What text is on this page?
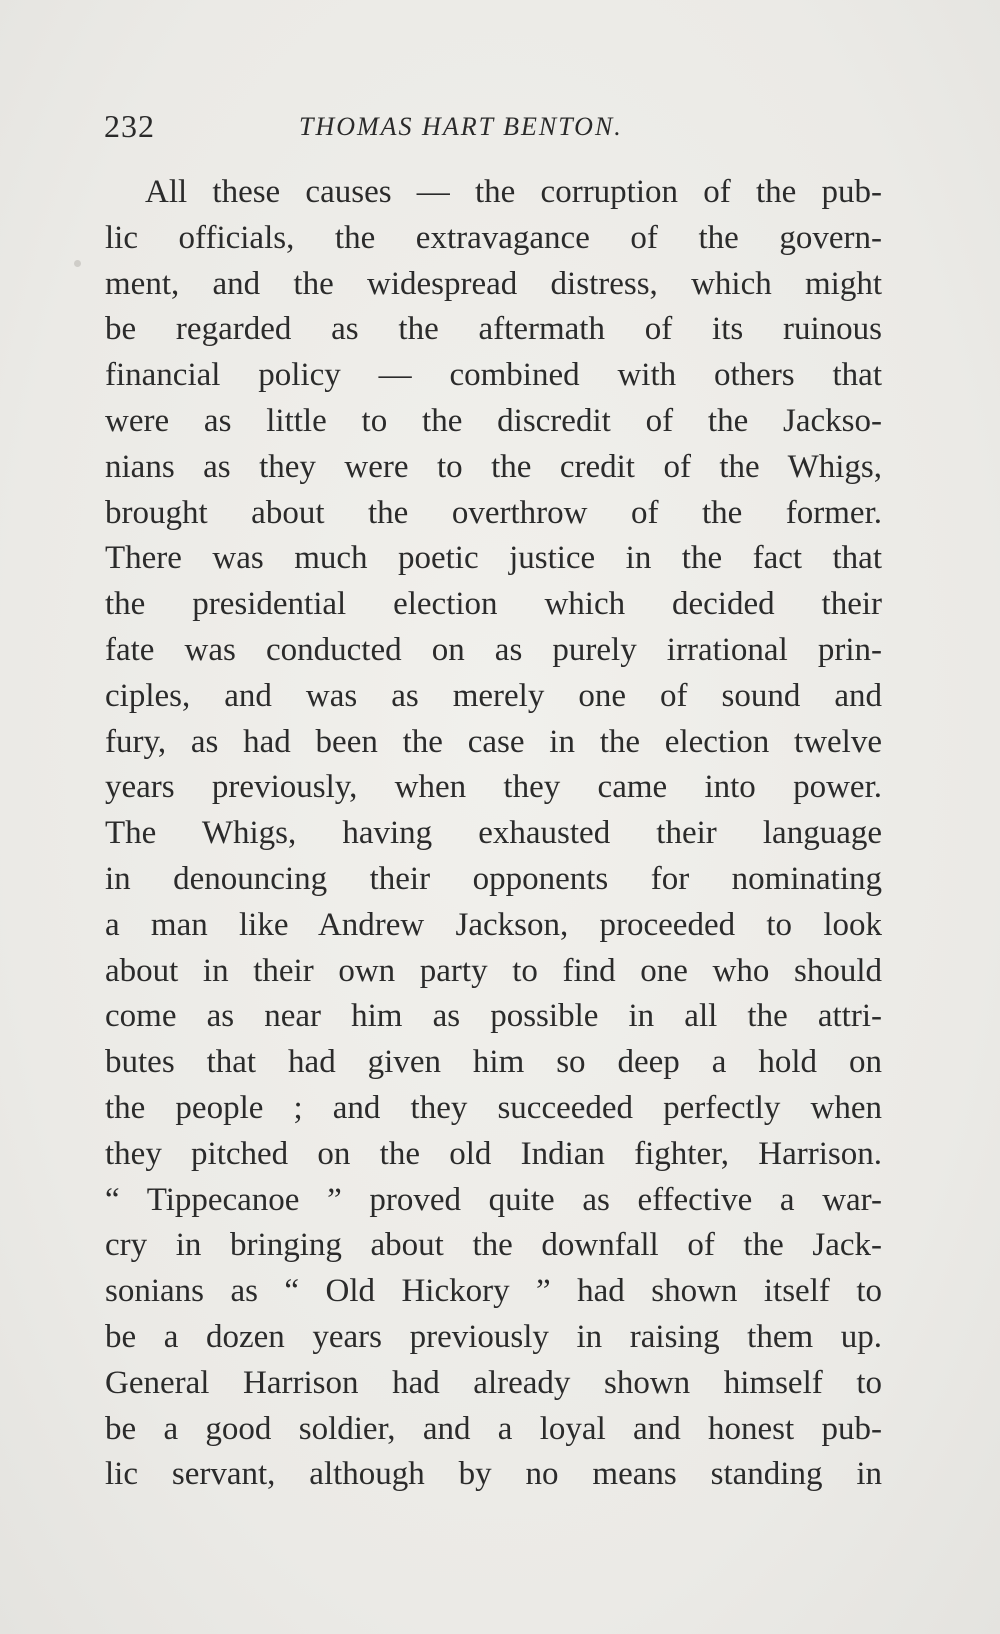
232	THOMAS HART BENTON.
All these causes — the corruption of the pub-
lic officials, the extravagance of the govern-
ment, and the widespread distress, which might
be regarded as the aftermath of its ruinous
financial policy — combined with others that
were as little to the discredit of the Jackso-
nians as they were to the credit of the Whigs,
brought about the overthrow of the former.
There was much poetic justice in the fact that
the presidential election which decided their
fate was conducted on as purely irrational prin-
ciples, and was as merely one of sound and
fury, as had been the case in the election twelve
years previously, when they came into power.
The Whigs, having exhausted their language
in denouncing their opponents for nominating
a man like Andrew Jackson, proceeded to look
about in their own party to find one who should
come as near him as possible in all the attri-
butes that had given him so deep a hold on
the people ; and they succeeded perfectly when
they pitched on the old Indian fighter, Harrison.
“ Tippecanoe ” proved quite as effective a war-
cry in bringing about the downfall of the Jack-
sonians as “ Old Hickory ” had shown itself to
be a dozen years previously in raising them up.
General Harrison had already shown himself to
be a good soldier, and a loyal and honest pub-
lic servant, although by no means standing in
